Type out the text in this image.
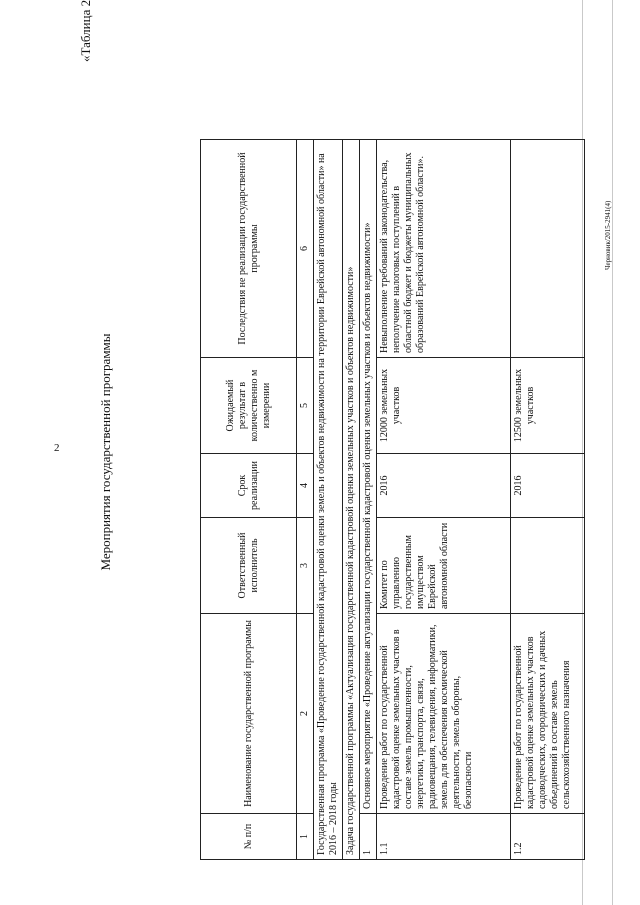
2
«Таблица 2
Черновик/2015-2941(4)
Мероприятия государственной программы
№ п/п	Наименование государственной программы	Ответственный исполнитель	Срок реализации	Ожидаемый результат в количественно м измерении	Последствия не реализации государственной программы
1	2	3	4	5	6
Государственная программа «Проведение государственной кадастровой оценки земель и объектов недвижимости на территории Еврейской автономной области» на 2016 – 2018 годы					
Задача государственной программы «Актуализация государственной кадастровой оценки земельных участков и объектов недвижимости»					
1	Основное мероприятие «Проведение актуализации государственной кадастровой оценки земельных участков и объектов недвижимости»				
1.1	Проведение работ по государственной кадастровой оценке земельных участков в составе земель промышленности, энергетики, транспорта, связи, радиовещания, телевидения, информатики, земель для обеспечения космической деятельности, земель обороны, безопасности	Комитет по управлению государственным имуществом Еврейской автономной области	2016	12000 земельных участков	Невыполнение требований законодательства, неполучение налоговых поступлений в областной бюджет и бюджеты муниципальных образований Еврейской автономной области».
1.2	Проведение работ по государственной кадастровой оценке земельных участков садоводческих, огороднических и дачных объединений в составе земель сельскохозяйственного назначения		2016	12500 земельных участков	
